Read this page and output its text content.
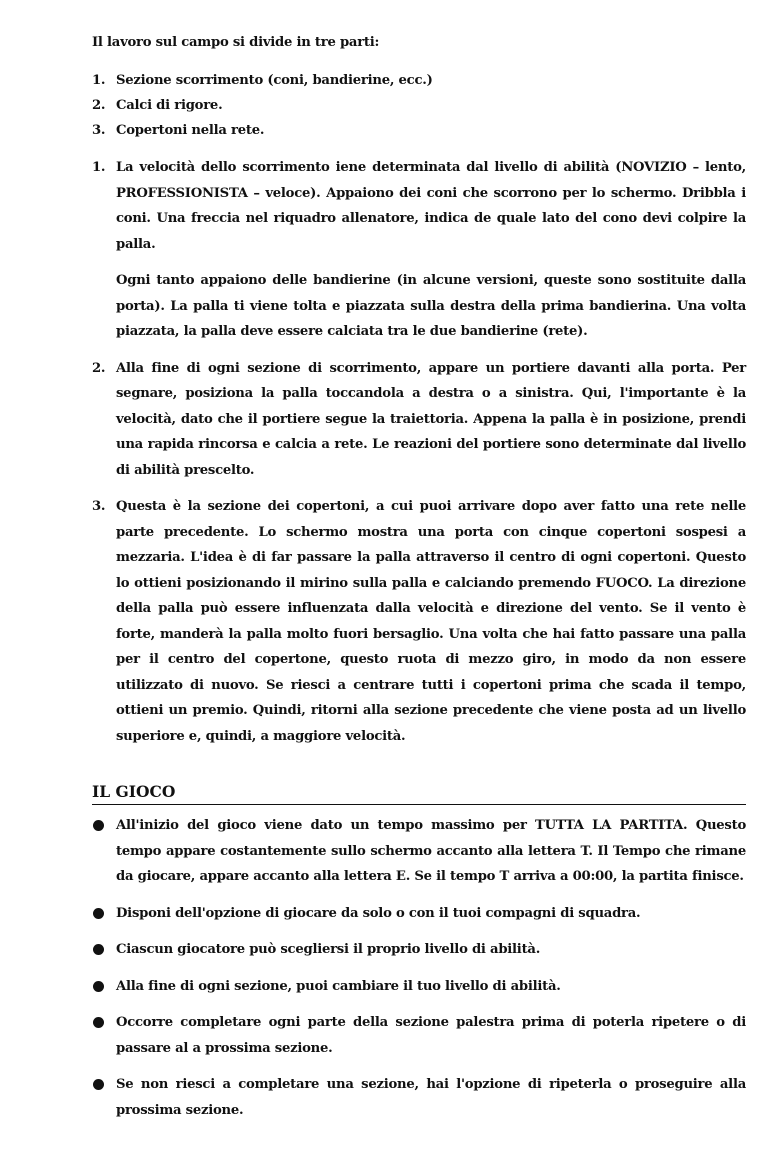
Il lavoro sul campo si divide in tre parti:

1. Sezione scorrimento (coni, bandierine, ecc.)
2. Calci di rigore.
3. Copertoni nella rete.
1. La velocità dello scorrimento iene determinata dal livello di abilità (NOVIZIO – lento, PROFESSIONISTA – veloce). Appaiono dei coni che scorrono per lo schermo. Dribbla i coni. Una freccia nel riquadro allenatore, indica de quale lato del cono devi colpire la palla.

Ogni tanto appaiono delle bandierine (in alcune versioni, queste sono sostituite dalla porta). La palla ti viene tolta e piazzata sulla destra della prima bandierina. Una volta piazzata, la palla deve essere calciata tra le due bandierine (rete).

2. Alla fine di ogni sezione di scorrimento, appare un portiere davanti alla porta. Per segnare, posiziona la palla toccandola a destra o a sinistra. Qui, l'importante è la velocità, dato che il portiere segue la traiettoria. Appena la palla è in posizione, prendi una rapida rincorsa e calcia a rete. Le reazioni del portiere sono determinate dal livello di abilità prescelto.

3. Questa è la sezione dei copertoni, a cui puoi arrivare dopo aver fatto una rete nelle parte precedente. Lo schermo mostra una porta con cinque copertoni sospesi a mezzaria. L'idea è di far passare la palla attraverso il centro di ogni copertoni. Questo lo ottieni posizionando il mirino sulla palla e calciando premendo FUOCO. La direzione della palla può essere influenzata dalla velocità e direzione del vento. Se il vento è forte, manderà la palla molto fuori bersaglio. Una volta che hai fatto passare una palla per il centro del copertone, questo ruota di mezzo giro, in modo da non essere utilizzato di nuovo. Se riesci a centrare tutti i copertoni prima che scada il tempo, ottieni un premio. Quindi, ritorni alla sezione precedente che viene posta ad un livello superiore e, quindi, a maggiore velocità.

IL GIOCO
All'inizio del gioco viene dato un tempo massimo per TUTTA LA PARTITA. Questo tempo appare costantemente sullo schermo accanto alla lettera T. Il Tempo che rimane da giocare, appare accanto alla lettera E. Se il tempo T arriva a 00:00, la partita finisce.
Disponi dell'opzione di giocare da solo o con il tuoi compagni di squadra.
Ciascun giocatore può scegliersi il proprio livello di abilità.
Alla fine di ogni sezione, puoi cambiare il tuo livello di abilità.
Occorre completare ogni parte della sezione palestra prima di poterla ripetere o di passare al a prossima sezione.
Se non riesci a completare una sezione, hai l'opzione di ripeterla o proseguire alla prossima sezione.
